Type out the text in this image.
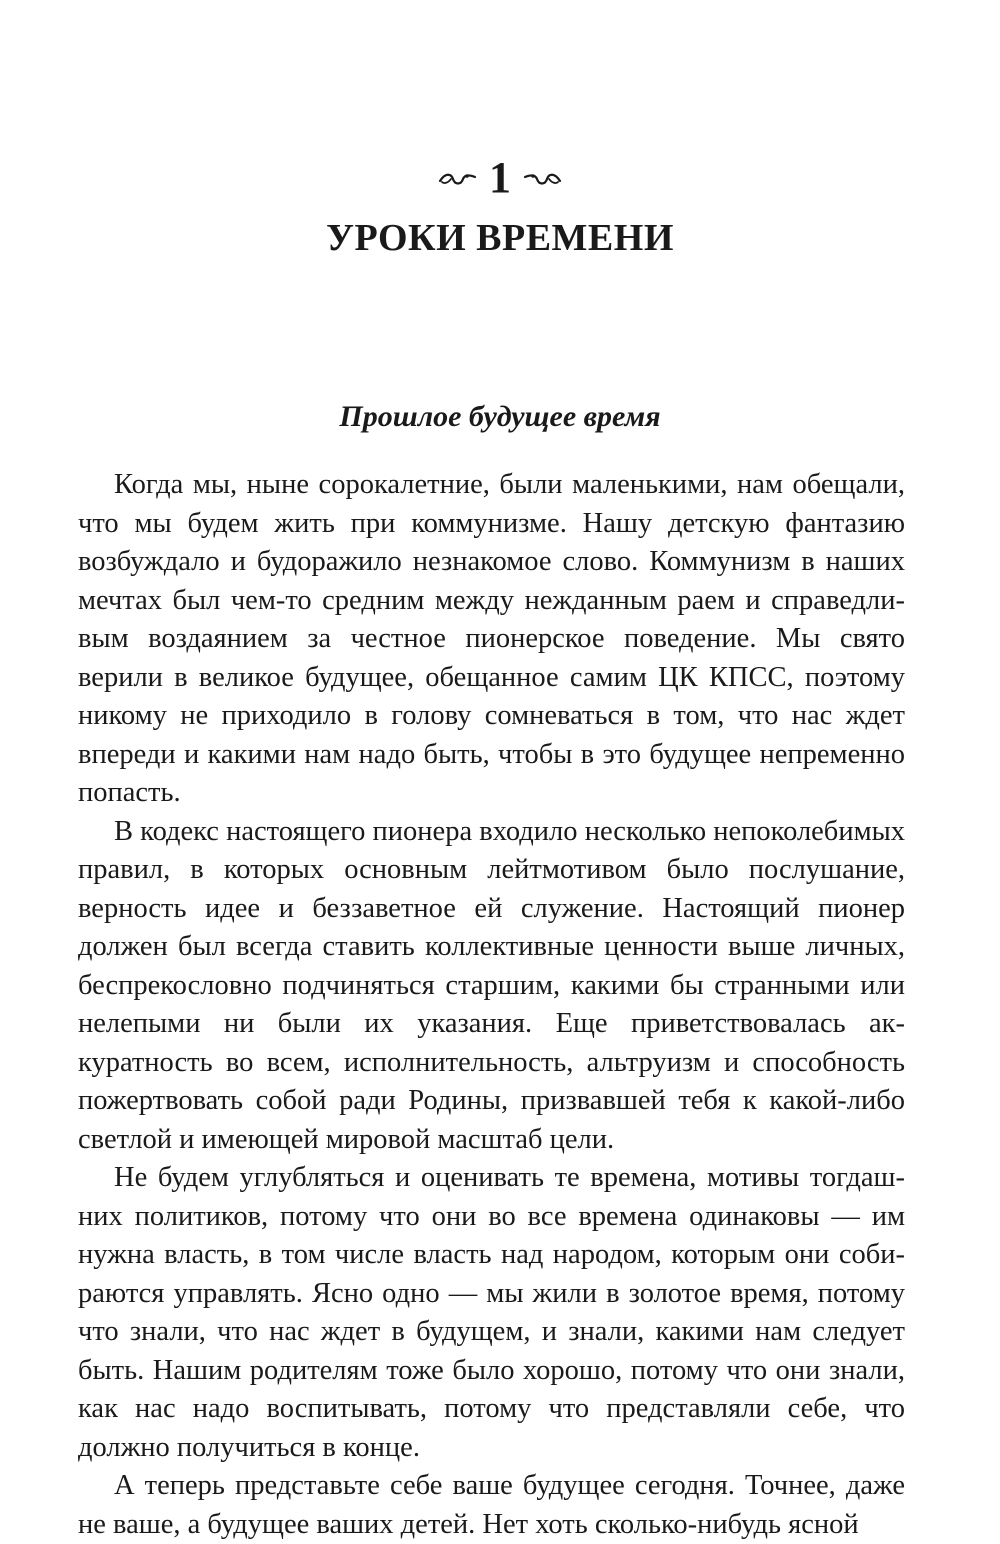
1
УРОКИ ВРЕМЕНИ
Прошлое будущее время

Когда мы, ныне сорокалетние, были маленькими, нам обещали, что мы будем жить при коммунизме. Нашу детскую фантазию возбуждало и будоражило незнакомое слово. Коммунизм в наших мечтах был чем-то средним между нежданным раем и справедливым воздаянием за честное пионерское поведение. Мы свято верили в великое будущее, обещанное самим ЦК КПСС, поэтому никому не приходило в голову сомневаться в том, что нас ждет впереди и какими нам надо быть, чтобы в это будущее непременно попасть.

В кодекс настоящего пионера входило несколько непоколебимых правил, в которых основным лейтмотивом было послушание, верность идее и беззаветное ей служение. Настоящий пионер должен был всегда ставить коллективные ценности выше личных, беспрекословно подчиняться старшим, какими бы странными или нелепыми ни были их указания. Еще приветствовалась аккуратность во всем, исполнительность, альтруизм и способность пожертвовать собой ради Родины, призвавшей тебя к какой-либо светлой и имеющей мировой масштаб цели.

Не будем углубляться и оценивать те времена, мотивы тогдашних политиков, потому что они во все времена одинаковы — им нужна власть, в том числе власть над народом, которым они собираются управлять. Ясно одно — мы жили в золотое время, потому что знали, что нас ждет в будущем, и знали, какими нам следует быть. Нашим родителям тоже было хорошо, потому что они знали, как нас надо воспитывать, потому что представляли себе, что должно получиться в конце.

А теперь представьте себе ваше будущее сегодня. Точнее, даже не ваше, а будущее ваших детей. Нет хоть сколько-нибудь ясной
